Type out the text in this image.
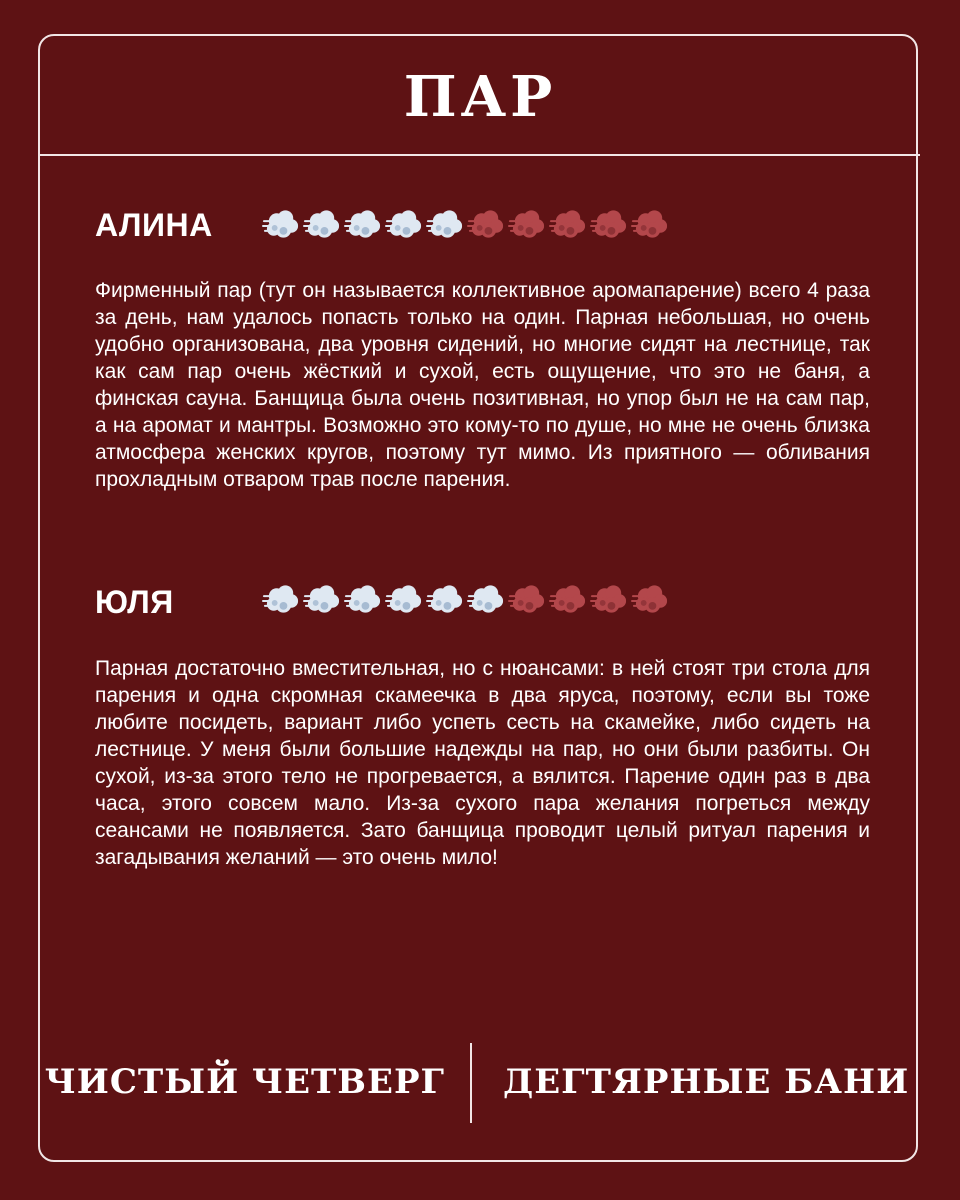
ПАР
АЛИНА
Фирменный пар (тут он называется коллективное аромапарение) всего 4 раза за день, нам удалось попасть только на один. Парная небольшая, но очень удобно организована, два уровня сидений, но многие сидят на лестнице, так как сам пар очень жёсткий и сухой, есть ощущение, что это не баня, а финская сауна. Банщица была очень позитивная, но упор был не на сам пар, а на аромат и мантры. Возможно это кому-то по душе, но мне не очень близка атмосфера женских кругов, поэтому тут мимо. Из приятного — обливания прохладным отваром трав после парения.
ЮЛЯ
Парная достаточно вместительная, но с нюансами: в ней стоят три стола для парения и одна скромная скамеечка в два яруса, поэтому, если вы тоже любите посидеть, вариант либо успеть сесть на скамейке, либо сидеть на лестнице. У меня были большие надежды на пар, но они были разбиты. Он сухой, из-за этого тело не прогревается, а вялится. Парение один раз в два часа, этого совсем мало. Из-за сухого пара желания погреться между сеансами не появляется. Зато банщица проводит целый ритуал парения и загадывания желаний — это очень мило!
ЧИСТЫЙ ЧЕТВЕРГ ДЕГТЯРНЫЕ БАНИ
